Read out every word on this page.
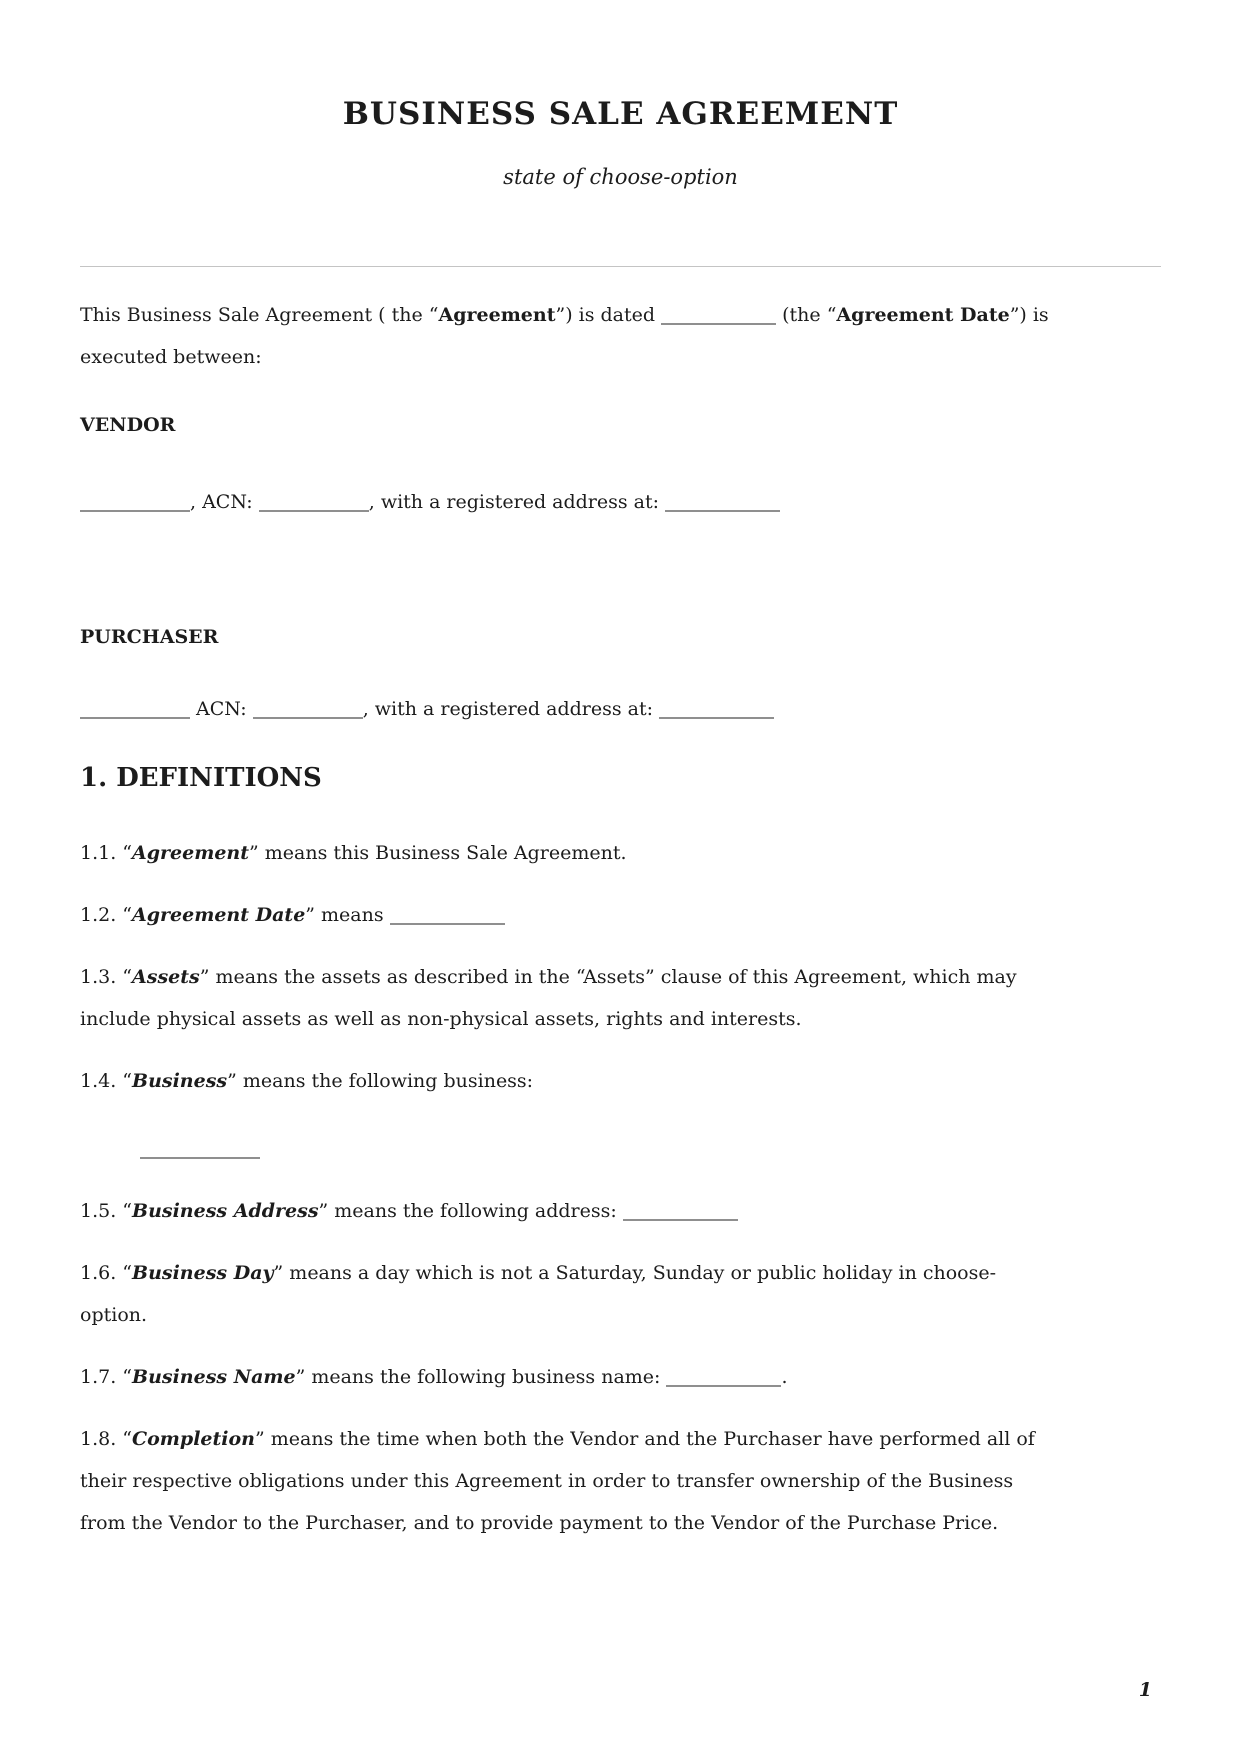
BUSINESS SALE AGREEMENT
state of choose-option

This Business Sale Agreement ( the “Agreement”) is dated	(the “Agreement Date”) is
executed between:

VENDOR

, ACN:	, with a registered address at:

PURCHASER

ACN:	, with a registered address at:

1. DEFINITIONS

1.1. “Agreement” means this Business Sale Agreement.

1.2. “Agreement Date” means

1.3. “Assets” means the assets as described in the “Assets” clause of this Agreement, which may
include physical assets as well as non-physical assets, rights and interests.

1.4. “Business” means the following business:

1.5. “Business Address” means the following address:

1.6. “Business Day” means a day which is not a Saturday, Sunday or public holiday in choose-
option.

1.7. “Business Name” means the following business name:	.

1.8. “Completion” means the time when both the Vendor and the Purchaser have performed all of
their respective obligations under this Agreement in order to transfer ownership of the Business
from the Vendor to the Purchaser, and to provide payment to the Vendor of the Purchase Price.

1
